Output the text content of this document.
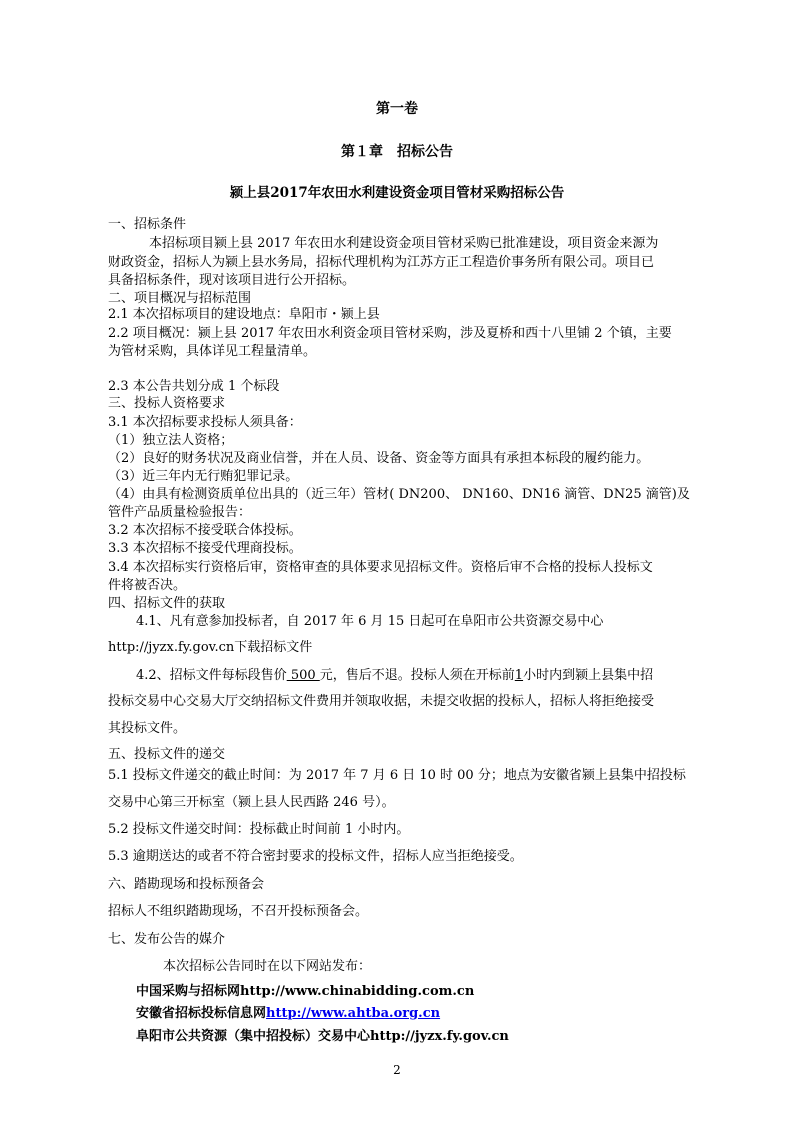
第一卷
第１章　招标公告
颍上县2017年农田水利建设资金项目管材采购招标公告
一、招标条件
本招标项目颍上县 2017 年农田水利建设资金项目管材采购已批准建设，项目资金来源为
财政资金，招标人为颍上县水务局，招标代理机构为江苏方正工程造价事务所有限公司。项目已
具备招标条件，现对该项目进行公开招标。
二、项目概况与招标范围
2.1 本次招标项目的建设地点：阜阳市・颍上县
2.2 项目概况：颍上县 2017 年农田水利资金项目管材采购，涉及夏桥和西十八里铺 2 个镇，主要
为管材采购，具体详见工程量清单。
2.3 本公告共划分成 1 个标段
三、投标人资格要求
3.1 本次招标要求投标人须具备：
（1）独立法人资格；
（2）良好的财务状况及商业信誉，并在人员、设备、资金等方面具有承担本标段的履约能力。
（3）近三年内无行贿犯罪记录。
（4）由具有检测资质单位出具的（近三年）管材( DN200、 DN160、DN16 滴管、DN25 滴管)及
管件产品质量检验报告：
3.2 本次招标不接受联合体投标。
3.3 本次招标不接受代理商投标。
3.4 本次招标实行资格后审，资格审查的具体要求见招标文件。资格后审不合格的投标人投标文
件将被否决。
四、招标文件的获取
4.1、凡有意参加投标者，自 2017 年 6 月 15 日起可在阜阳市公共资源交易中心
http://jyzx.fy.gov.cn下载招标文件
4.2、招标文件每标段售价 500 元，售后不退。投标人须在开标前1小时内到颍上县集中招
投标交易中心交易大厅交纳招标文件费用并领取收据，未提交收据的投标人，招标人将拒绝接受
其投标文件。
五、投标文件的递交
5.1 投标文件递交的截止时间：为 2017 年 7 月 6 日 10 时 00 分；地点为安徽省颍上县集中招投标
交易中心第三开标室（颍上县人民西路 246 号）。
5.2 投标文件递交时间：投标截止时间前 1 小时内。
5.3 逾期送达的或者不符合密封要求的投标文件，招标人应当拒绝接受。
六、踏勘现场和投标预备会
招标人不组织踏勘现场，不召开投标预备会。
七、发布公告的媒介
本次招标公告同时在以下网站发布：
中国采购与招标网http://www.chinabidding.com.cn
安徽省招标投标信息网http://www.ahtba.org.cn
阜阳市公共资源（集中招投标）交易中心http://jyzx.fy.gov.cn
2
